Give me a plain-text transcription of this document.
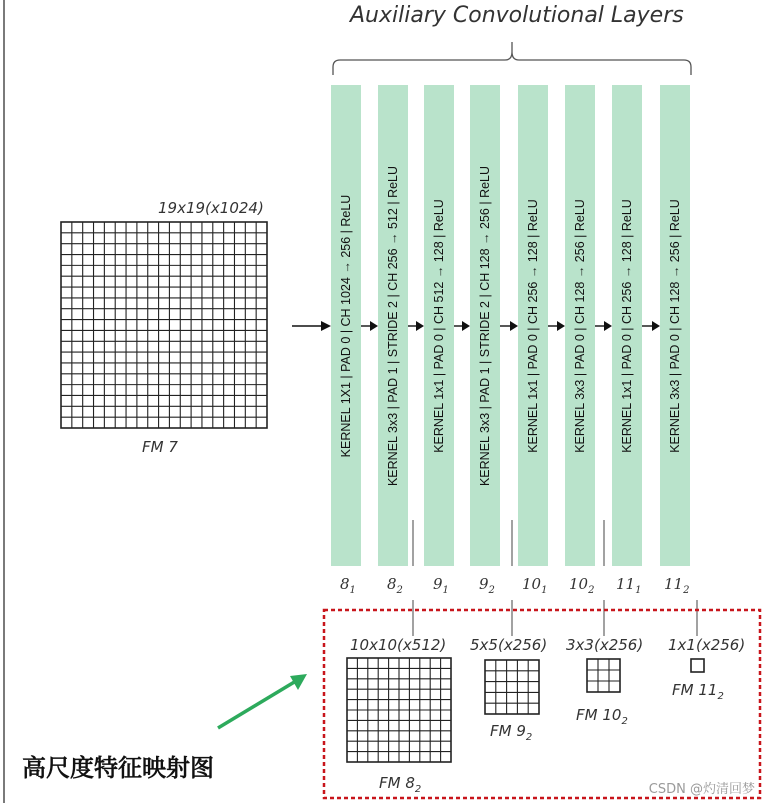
Auxiliary Convolutional Layers
19x19(x1024)
FM 7	KERNEL 1X1 | PAD 0 | CH 1024 → 256 | ReLU	KERNEL 3x3 | PAD 1 | STRIDE 2 | CH 256 → 512 | ReLU	KERNEL 1x1 | PAD 0 | CH 512 → 128 | ReLU	KERNEL 3x3 | PAD 1 | STRIDE 2 | CH 128 → 256 | ReLU	KERNEL 1x1 | PAD 0 | CH 256 → 128 | ReLU	KERNEL 3x3 | PAD 0 | CH 128 → 256 | ReLU	KERNEL 1x1 | PAD 0 | CH 256 → 128 | ReLU	KERNEL 3x3 | PAD 0 | CH 128 → 256 | ReLU
$8_1$ $8_2$ $9_1$ $9_2$ $10_1$ $10_2$ $11_1$ $11_2$
10x10(x512) 5x5(x256) 3x3(x256) 1x1(x256)
FM $8_2$
FM $9_2$
FM $10_2$
FM $11_2$
高尺度特征映射图
CSDN @灼清回梦
